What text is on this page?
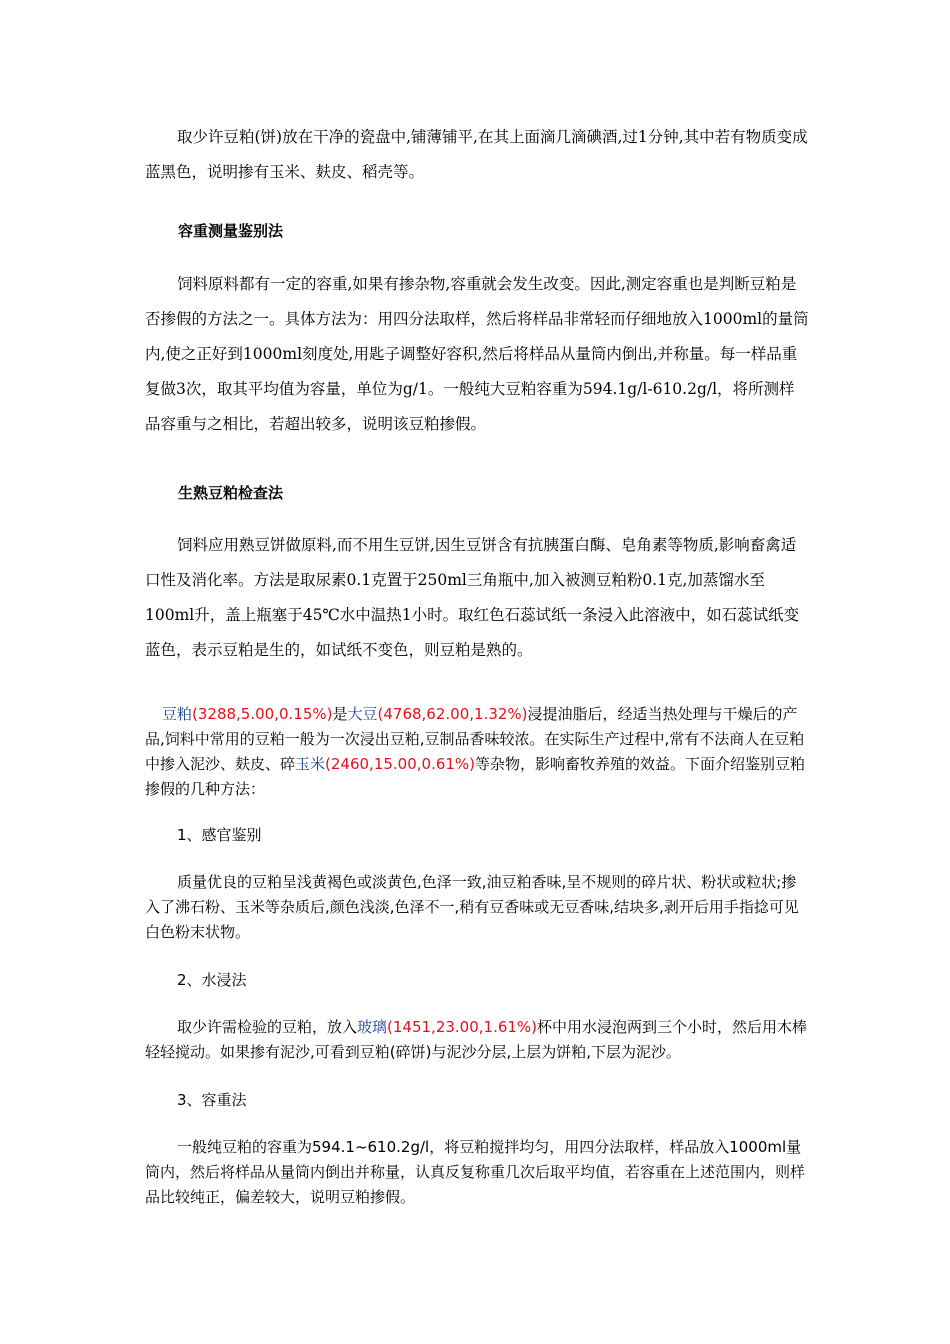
取少许豆粕(饼)放在干净的瓷盘中,铺薄铺平,在其上面滴几滴碘酒,过1分钟,其中若有物质变成蓝黑色，说明掺有玉米、麸皮、稻壳等。

容重测量鉴别法

饲料原料都有一定的容重,如果有掺杂物,容重就会发生改变。因此,测定容重也是判断豆粕是否掺假的方法之一。具体方法为：用四分法取样，然后将样品非常轻而仔细地放入1000ml的量筒内,使之正好到1000ml刻度处,用匙子调整好容积,然后将样品从量筒内倒出,并称量。每一样品重复做3次，取其平均值为容量，单位为g/1。一般纯大豆粕容重为594.1g/l-610.2g/l，将所测样品容重与之相比，若超出较多，说明该豆粕掺假。

生熟豆粕检查法

饲料应用熟豆饼做原料,而不用生豆饼,因生豆饼含有抗胰蛋白酶、皂角素等物质,影响畜禽适口性及消化率。方法是取尿素0.1克置于250ml三角瓶中,加入被测豆粕粉0.1克,加蒸馏水至100ml升，盖上瓶塞于45℃水中温热1小时。取红色石蕊试纸一条浸入此溶液中，如石蕊试纸变蓝色，表示豆粕是生的，如试纸不变色，则豆粕是熟的。

豆粕(3288,5.00,0.15%)是大豆(4768,62.00,1.32%)浸提油脂后，经适当热处理与干燥后的产品,饲料中常用的豆粕一般为一次浸出豆粕,豆制品香味较浓。在实际生产过程中,常有不法商人在豆粕中掺入泥沙、麸皮、碎玉米(2460,15.00,0.61%)等杂物，影响畜牧养殖的效益。下面介绍鉴别豆粕掺假的几种方法：

1、感官鉴别

质量优良的豆粕呈浅黄褐色或淡黄色,色泽一致,油豆粕香味,呈不规则的碎片状、粉状或粒状;掺入了沸石粉、玉米等杂质后,颜色浅淡,色泽不一,稍有豆香味或无豆香味,结块多,剥开后用手指捻可见白色粉末状物。

2、水浸法

取少许需检验的豆粕，放入玻璃(1451,23.00,1.61%)杯中用水浸泡两到三个小时，然后用木棒轻轻搅动。如果掺有泥沙,可看到豆粕(碎饼)与泥沙分层,上层为饼粕,下层为泥沙。

3、容重法

一般纯豆粕的容重为594.1~610.2g/l，将豆粕搅拌均匀，用四分法取样，样品放入1000ml量筒内，然后将样品从量筒内倒出并称量，认真反复称重几次后取平均值，若容重在上述范围内，则样品比较纯正，偏差较大，说明豆粕掺假。
